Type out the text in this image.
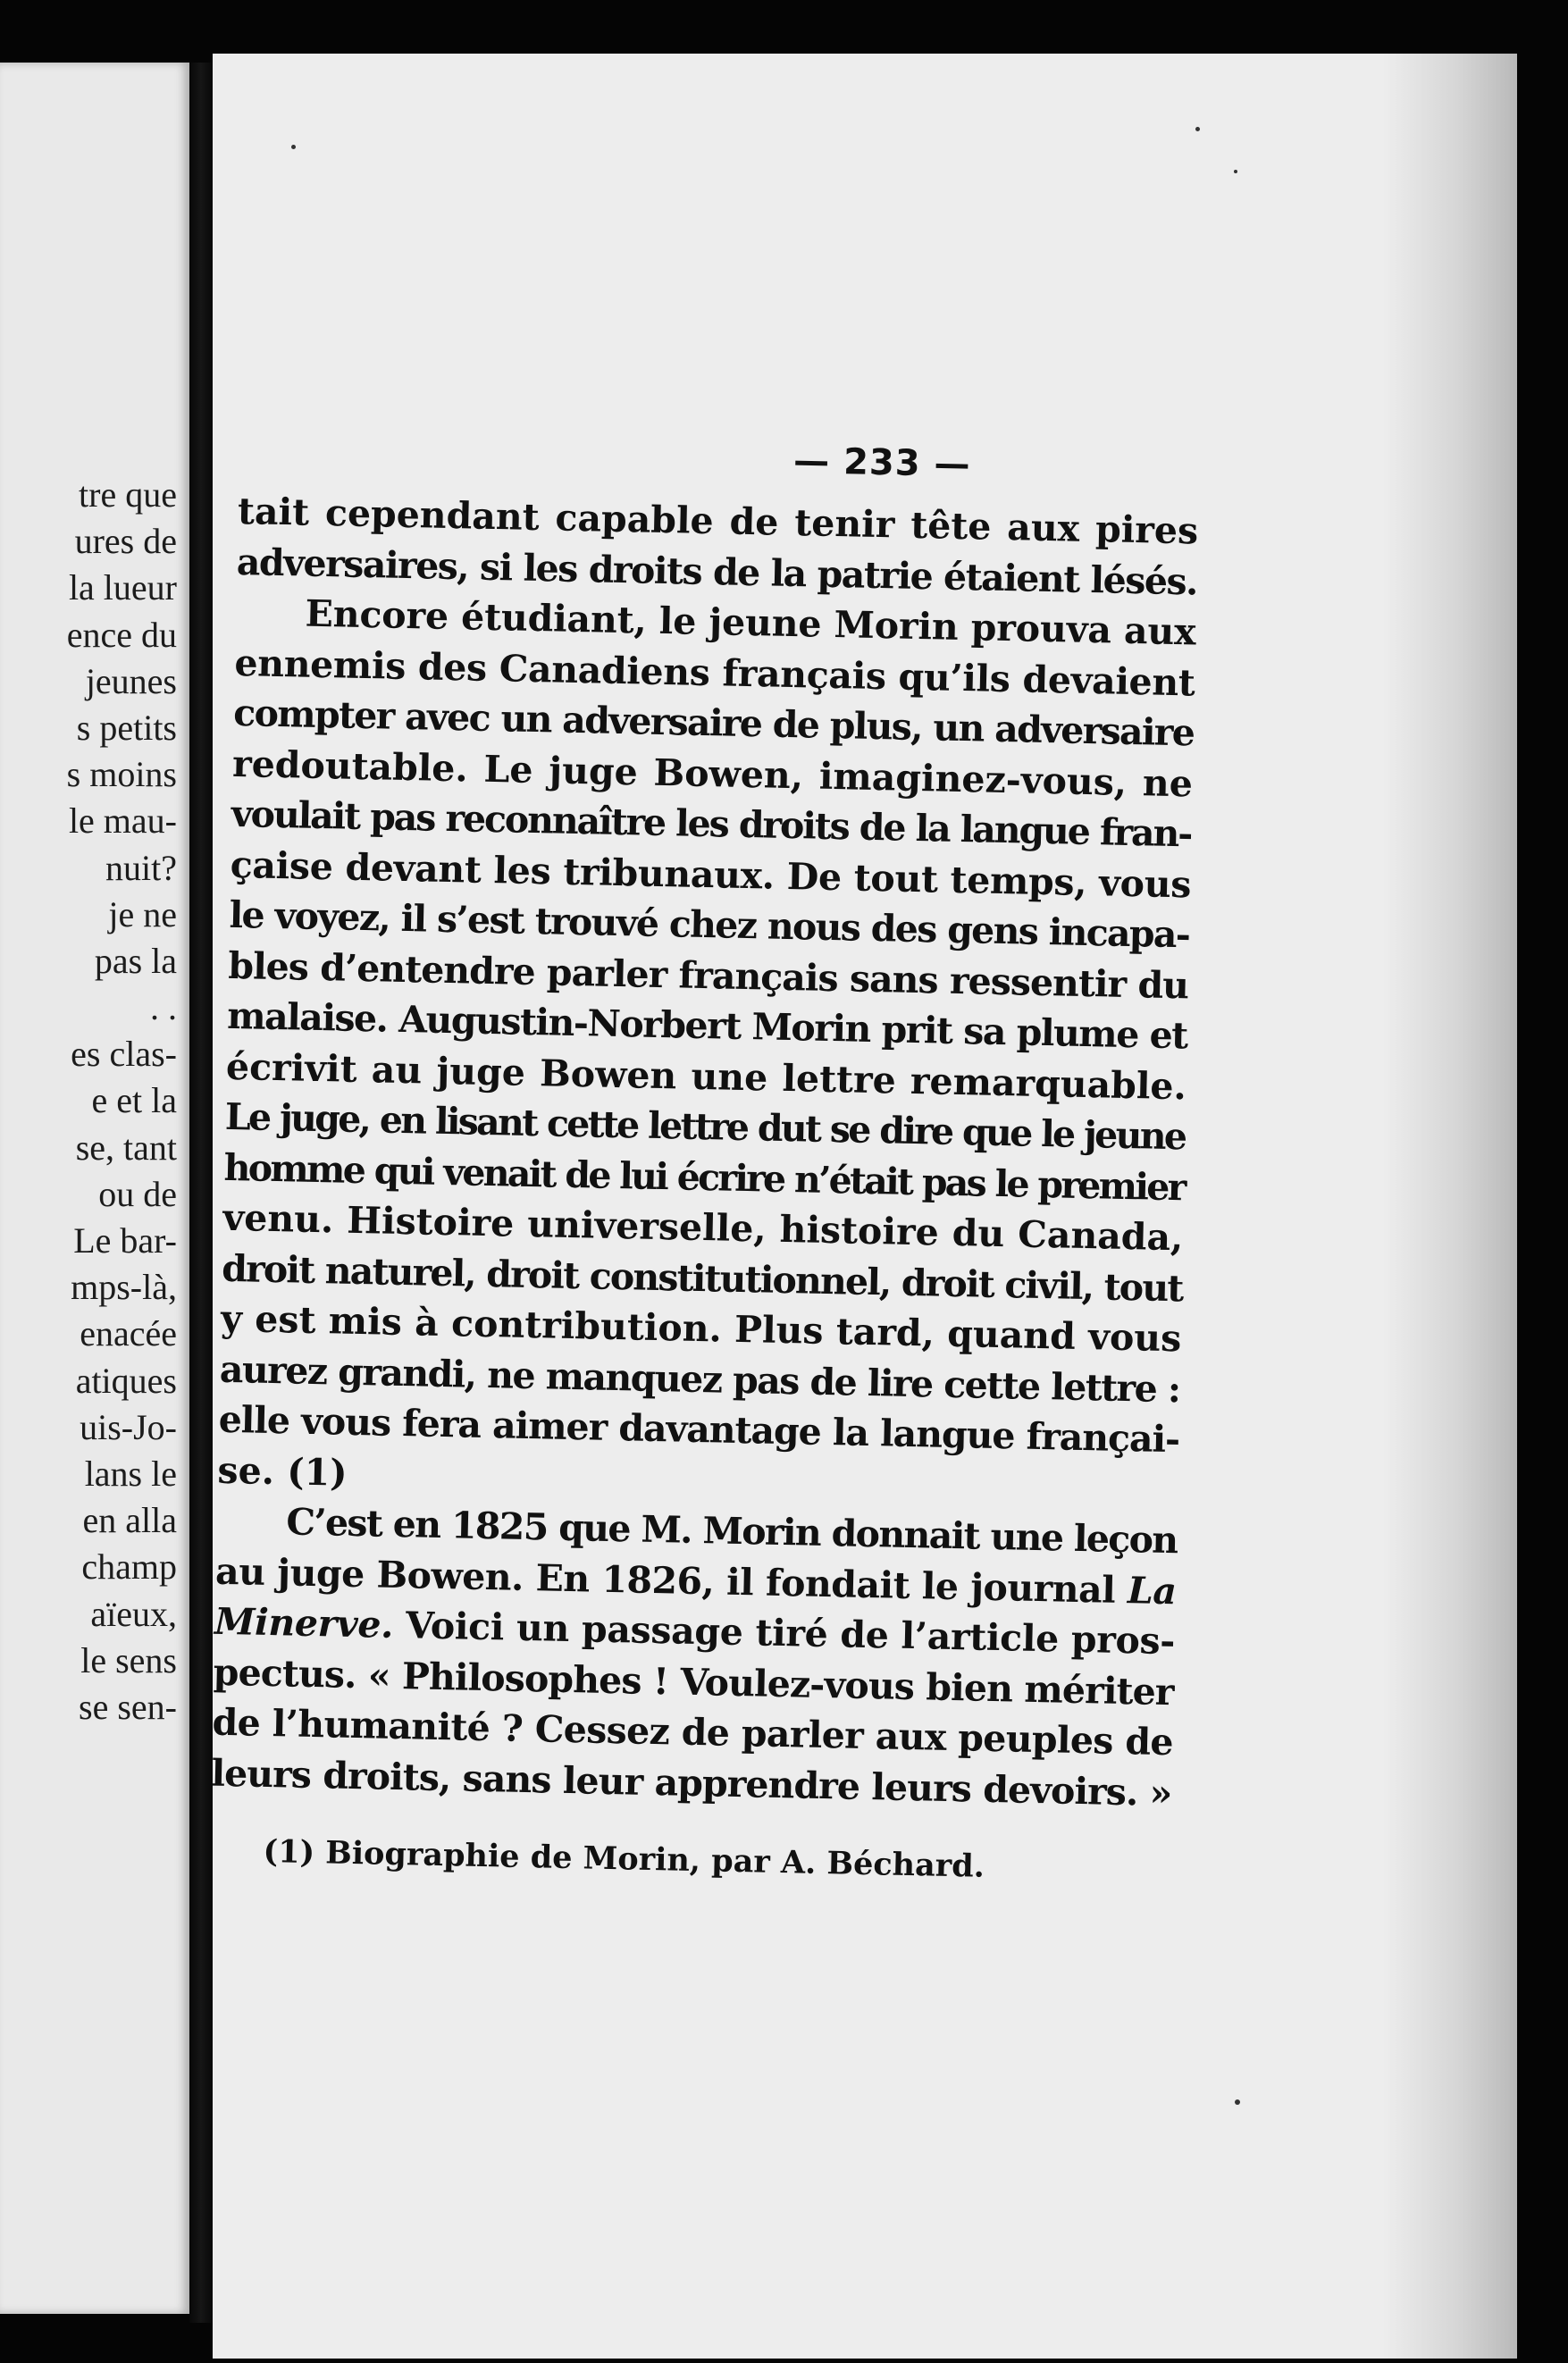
tre que
ures de
la lueur
ence du
jeunes
s petits
s moins
le mau-
nuit?
je ne
pas la
. .
es clas-
e et la
se, tant
ou de
Le bar-
mps-là,
enacée
atiques
uis-Jo-
lans le
en alla
champ
aïeux,
le sens
se sen-
— 233 —
tait cependant capable de tenir tête aux pires
adversaires, si les droits de la patrie étaient lésés.
Encore étudiant, le jeune Morin prouva aux
ennemis des Canadiens français qu’ils devaient
compter avec un adversaire de plus, un adversaire
redoutable. Le juge Bowen, imaginez-vous, ne
voulait pas reconnaître les droits de la langue fran-
çaise devant les tribunaux. De tout temps, vous
le voyez, il s’est trouvé chez nous des gens incapa-
bles d’entendre parler français sans ressentir du
malaise. Augustin-Norbert Morin prit sa plume et
écrivit au juge Bowen une lettre remarquable.
Le juge, en lisant cette lettre dut se dire que le jeune
homme qui venait de lui écrire n’était pas le premier
venu. Histoire universelle, histoire du Canada,
droit naturel, droit constitutionnel, droit civil, tout
y est mis à contribution. Plus tard, quand vous
aurez grandi, ne manquez pas de lire cette lettre :
elle vous fera aimer davantage la langue françai-
se. (1)
C’est en 1825 que M. Morin donnait une leçon
au juge Bowen. En 1826, il fondait le journal La
Minerve. Voici un passage tiré de l’article pros-
pectus. « Philosophes ! Voulez-vous bien mériter
de l’humanité ? Cessez de parler aux peuples de
leurs droits, sans leur apprendre leurs devoirs. »
(1) Biographie de Morin, par A. Béchard.
